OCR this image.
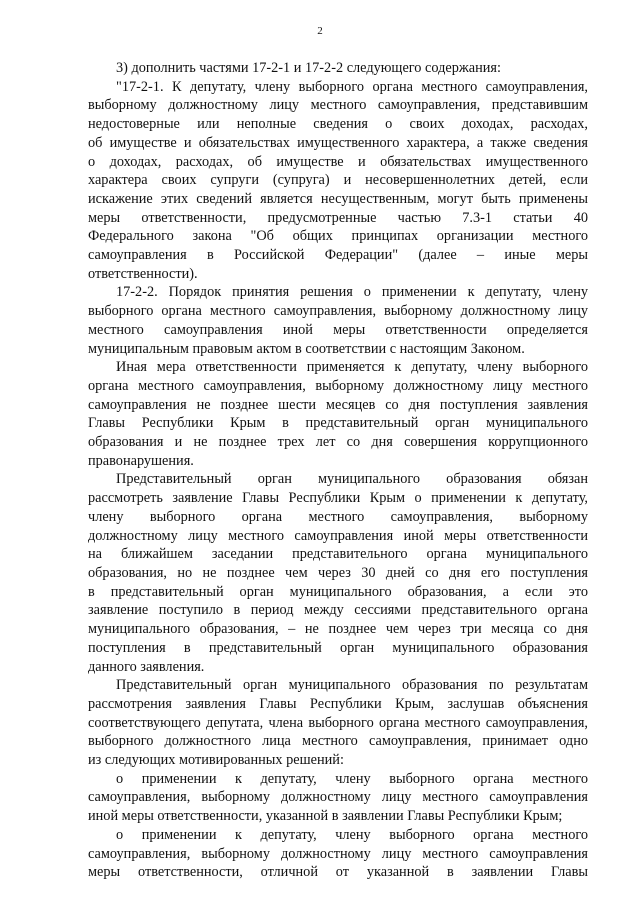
2
3) дополнить частями 17-2-1 и 17-2-2 следующего содержания:
"17-2-1. К депутату, члену выборного органа местного самоуправления,
выборному должностному лицу местного самоуправления, представившим
недостоверные или неполные сведения о своих доходах, расходах,
об имуществе и обязательствах имущественного характера, а также сведения
о доходах, расходах, об имуществе и обязательствах имущественного
характера своих супруги (супруга) и несовершеннолетних детей, если
искажение этих сведений является несущественным, могут быть применены
меры ответственности, предусмотренные частью 7.3-1 статьи 40
Федерального закона "Об общих принципах организации местного
самоуправления в Российской Федерации" (далее – иные меры
ответственности).
17-2-2. Порядок принятия решения о применении к депутату, члену
выборного органа местного самоуправления, выборному должностному лицу
местного самоуправления иной меры ответственности определяется
муниципальным правовым актом в соответствии с настоящим Законом.
Иная мера ответственности применяется к депутату, члену выборного
органа местного самоуправления, выборному должностному лицу местного
самоуправления не позднее шести месяцев со дня поступления заявления
Главы Республики Крым в представительный орган муниципального
образования и не позднее трех лет со дня совершения коррупционного
правонарушения.
Представительный орган муниципального образования обязан
рассмотреть заявление Главы Республики Крым о применении к депутату,
члену выборного органа местного самоуправления, выборному
должностному лицу местного самоуправления иной меры ответственности
на ближайшем заседании представительного органа муниципального
образования, но не позднее чем через 30 дней со дня его поступления
в представительный орган муниципального образования, а если это
заявление поступило в период между сессиями представительного органа
муниципального образования, – не позднее чем через три месяца со дня
поступления в представительный орган муниципального образования
данного заявления.
Представительный орган муниципального образования по результатам
рассмотрения заявления Главы Республики Крым, заслушав объяснения
соответствующего депутата, члена выборного органа местного самоуправления,
выборного должностного лица местного самоуправления, принимает одно
из следующих мотивированных решений:
о применении к депутату, члену выборного органа местного
самоуправления, выборному должностному лицу местного самоуправления
иной меры ответственности, указанной в заявлении Главы Республики Крым;
о применении к депутату, члену выборного органа местного
самоуправления, выборному должностному лицу местного самоуправления
меры ответственности, отличной от указанной в заявлении Главы
